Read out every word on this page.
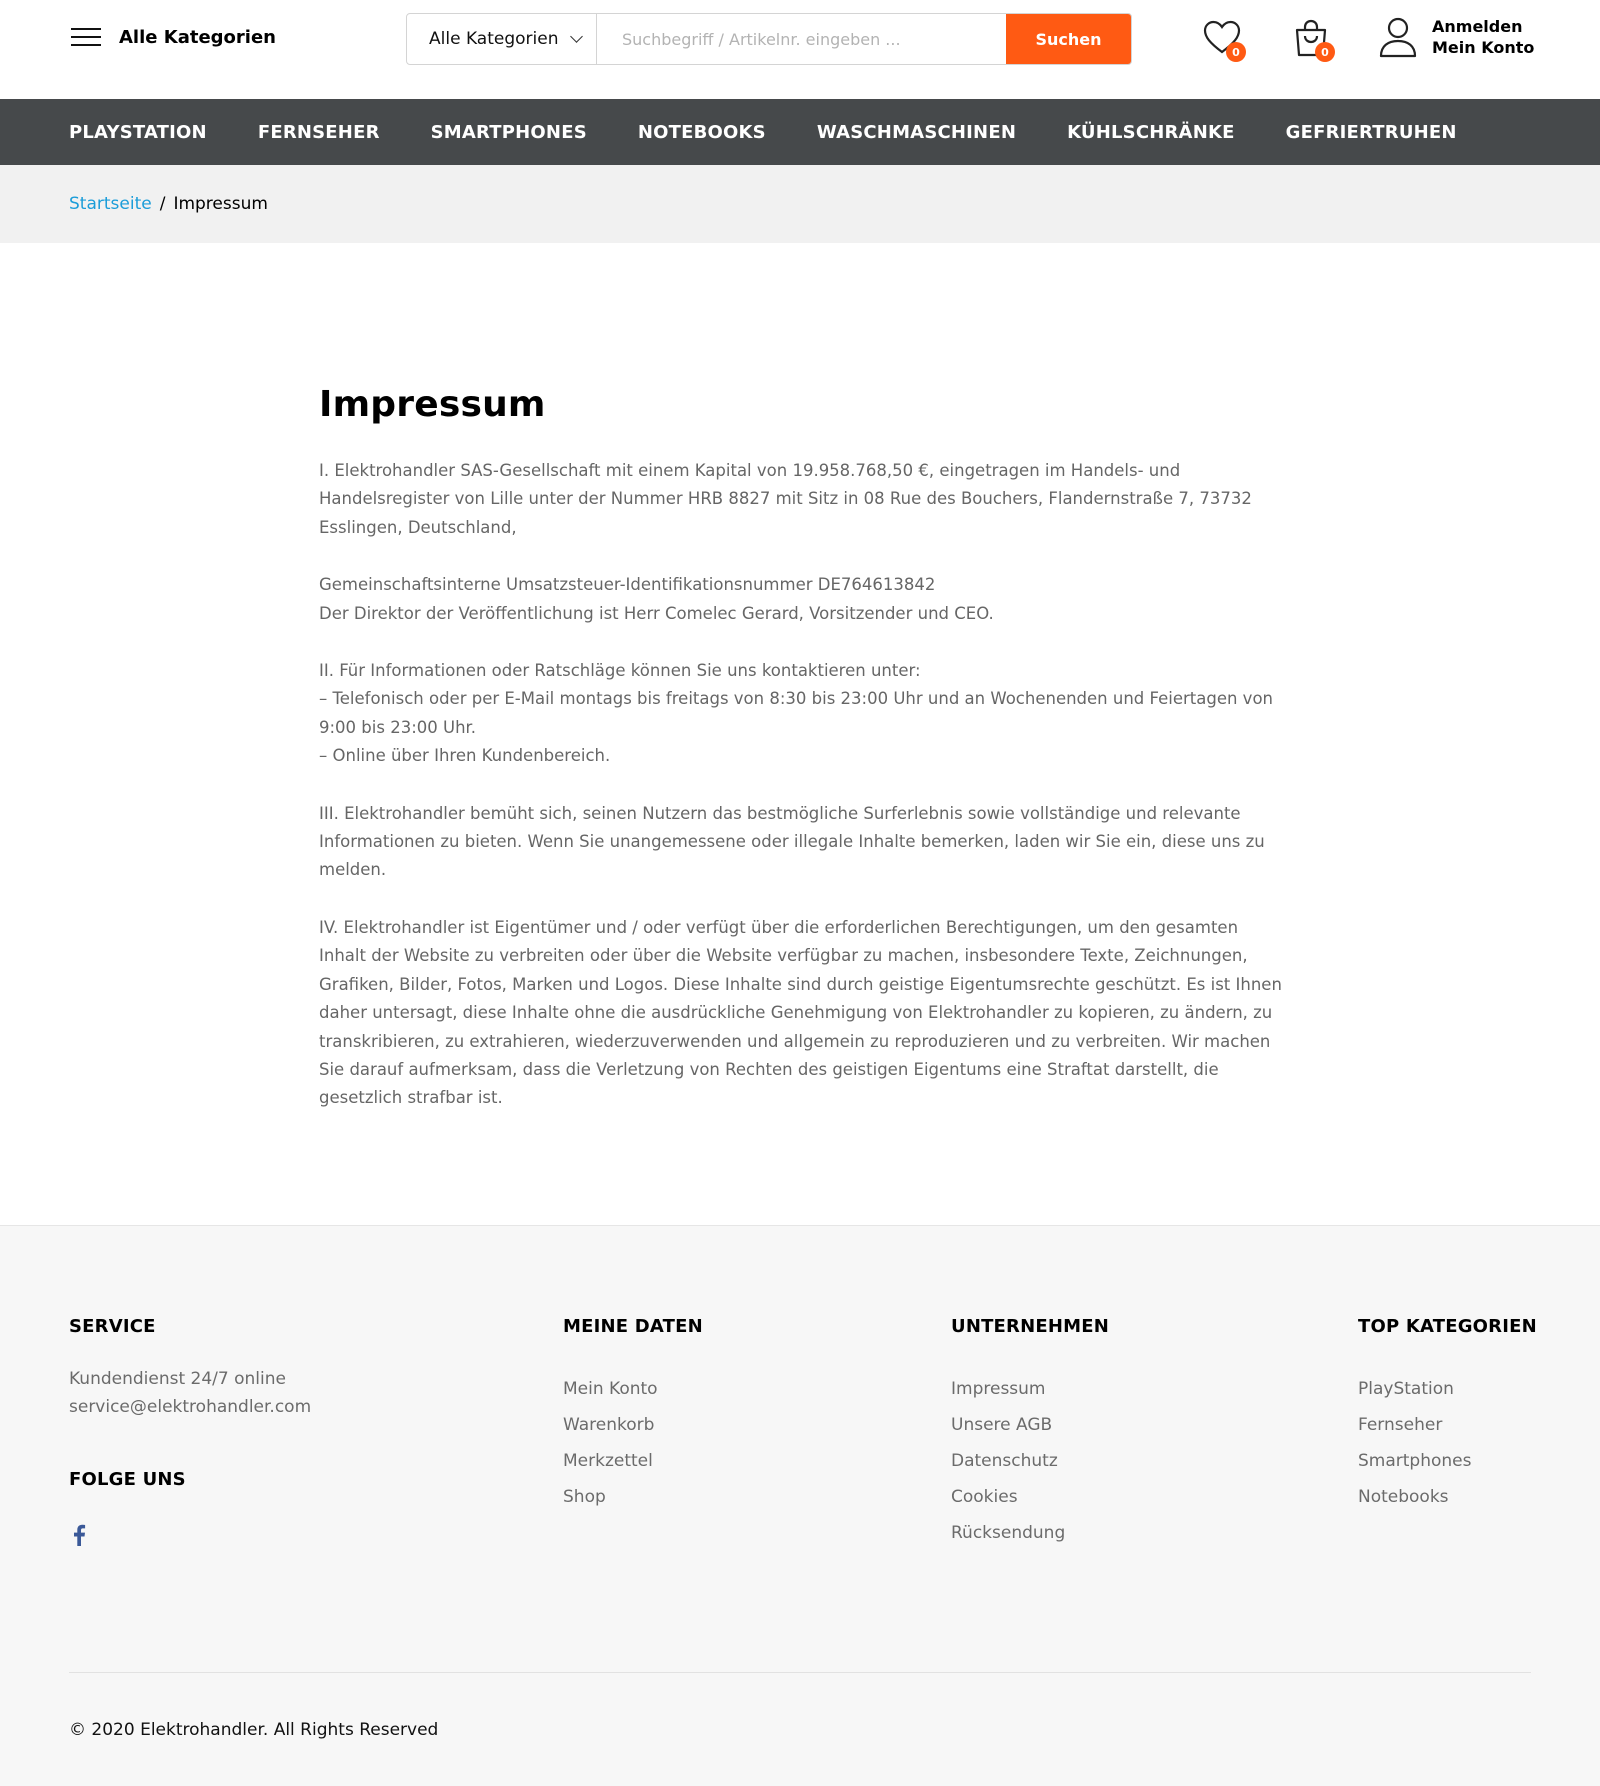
Alle Kategorien	Alle Kategorien
Suchbegriff / Artikelnr. eingeben ...	Suchen
0	0
Anmelden
Mein Konto
PLAYSTATION	FERNSEHER	SMARTPHONES	NOTEBOOKS	WASCHMASCHINEN	KÜHLSCHRÄNKE	GEFRIERTRUHEN
Startseite / Impressum
Impressum

I. Elektrohandler SAS-Gesellschaft mit einem Kapital von 19.958.768,50 €, eingetragen im Handels- und Handelsregister von Lille unter der Nummer HRB 8827 mit Sitz in 08 Rue des Bouchers, Flandernstraße 7, 73732 Esslingen, Deutschland,

Gemeinschaftsinterne Umsatzsteuer-Identifikationsnummer DE764613842
Der Direktor der Veröffentlichung ist Herr Comelec Gerard, Vorsitzender und CEO.

II. Für Informationen oder Ratschläge können Sie uns kontaktieren unter:
– Telefonisch oder per E-Mail montags bis freitags von 8:30 bis 23:00 Uhr und an Wochenenden und Feiertagen von 9:00 bis 23:00 Uhr.
– Online über Ihren Kundenbereich.

III. Elektrohandler bemüht sich, seinen Nutzern das bestmögliche Surferlebnis sowie vollständige und relevante Informationen zu bieten. Wenn Sie unangemessene oder illegale Inhalte bemerken, laden wir Sie ein, diese uns zu melden.

IV. Elektrohandler ist Eigentümer und / oder verfügt über die erforderlichen Berechtigungen, um den gesamten Inhalt der Website zu verbreiten oder über die Website verfügbar zu machen, insbesondere Texte, Zeichnungen, Grafiken, Bilder, Fotos, Marken und Logos. Diese Inhalte sind durch geistige Eigentumsrechte geschützt. Es ist Ihnen daher untersagt, diese Inhalte ohne die ausdrückliche Genehmigung von Elektrohandler zu kopieren, zu ändern, zu transkribieren, zu extrahieren, wiederzuverwenden und allgemein zu reproduzieren und zu verbreiten. Wir machen Sie darauf aufmerksam, dass die Verletzung von Rechten des geistigen Eigentums eine Straftat darstellt, die gesetzlich strafbar ist.

SERVICE
Kundendienst 24/7 online
service@elektrohandler.com
FOLGE UNS
MEINE DATEN
Mein Konto
Warenkorb
Merkzettel
Shop
UNTERNEHMEN
Impressum
Unsere AGB
Datenschutz
Cookies
Rücksendung
TOP KATEGORIEN
PlayStation
Fernseher
Smartphones
Notebooks
© 2020 Elektrohandler. All Rights Reserved
